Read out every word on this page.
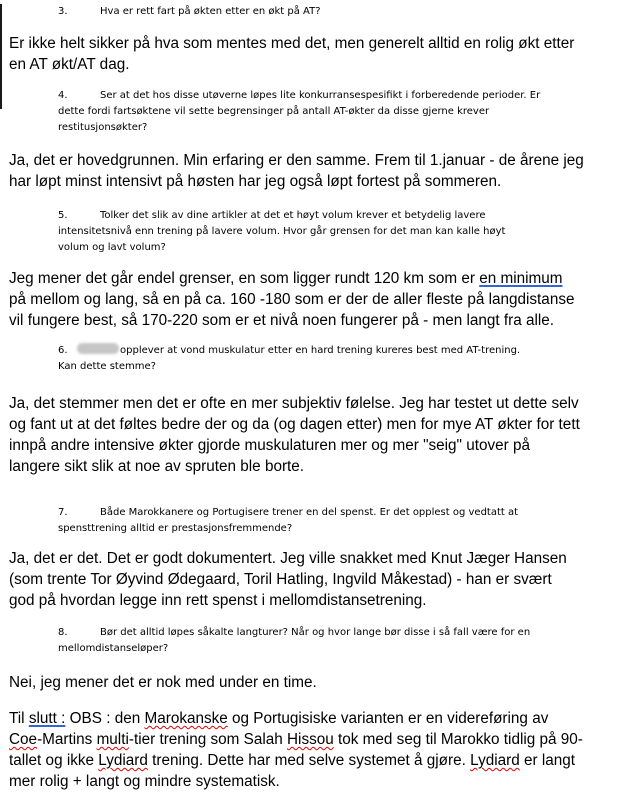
3.	Hva er rett fart på økten etter en økt på AT?
Er ikke helt sikker på hva som mentes med det, men generelt alltid en rolig økt etter
en AT økt/AT dag.
4.	Ser at det hos disse utøverne løpes lite konkurransespesifikt i forberedende perioder. Er
dette fordi fartsøktene vil sette begrensinger på antall AT-økter da disse gjerne krever
restitusjonsøkter?
Ja, det er hovedgrunnen. Min erfaring er den samme. Frem til 1.januar - de årene jeg
har løpt minst intensivt på høsten har jeg også løpt fortest på sommeren.
5.	Tolker det slik av dine artikler at det et høyt volum krever et betydelig lavere
intensitetsnivå enn trening på lavere volum. Hvor går grensen for det man kan kalle høyt
volum og lavt volum?
Jeg mener det går endel grenser, en som ligger rundt 120 km som er en minimum
på mellom og lang, så en på ca. 160 -180 som er der de aller fleste på langdistanse
vil fungere best, så 170-220 som er et nivå noen fungerer på - men langt fra alle.
6.	opplever at vond muskulatur etter en hard trening kureres best med AT-trening.
Kan dette stemme?
Ja, det stemmer men det er ofte en mer subjektiv følelse. Jeg har testet ut dette selv
og fant ut at det føltes bedre der og da (og dagen etter) men for mye AT økter for tett
innpå andre intensive økter gjorde muskulaturen mer og mer "seig" utover på
langere sikt slik at noe av spruten ble borte.
7.	Både Marokkanere og Portugisere trener en del spenst. Er det opplest og vedtatt at
spensttrening alltid er prestasjonsfremmende?
Ja, det er det. Det er godt dokumentert. Jeg ville snakket med Knut Jæger Hansen
(som trente Tor Øyvind Ødegaard, Toril Hatling, Ingvild Måkestad) - han er svært
god på hvordan legge inn rett spenst i mellomdistansetrening.
8.	Bør det alltid løpes såkalte langturer? Når og hvor lange bør disse i så fall være for en
mellomdistanseløper?
Nei, jeg mener det er nok med under en time.
Til slutt : OBS : den Marokanske og Portugisiske varianten er en videreføring av
Coe-Martins multi-tier trening som Salah Hissou tok med seg til Marokko tidlig på 90-
tallet og ikke Lydiard trening. Dette har med selve systemet å gjøre. Lydiard er langt
mer rolig + langt og mindre systematisk.
